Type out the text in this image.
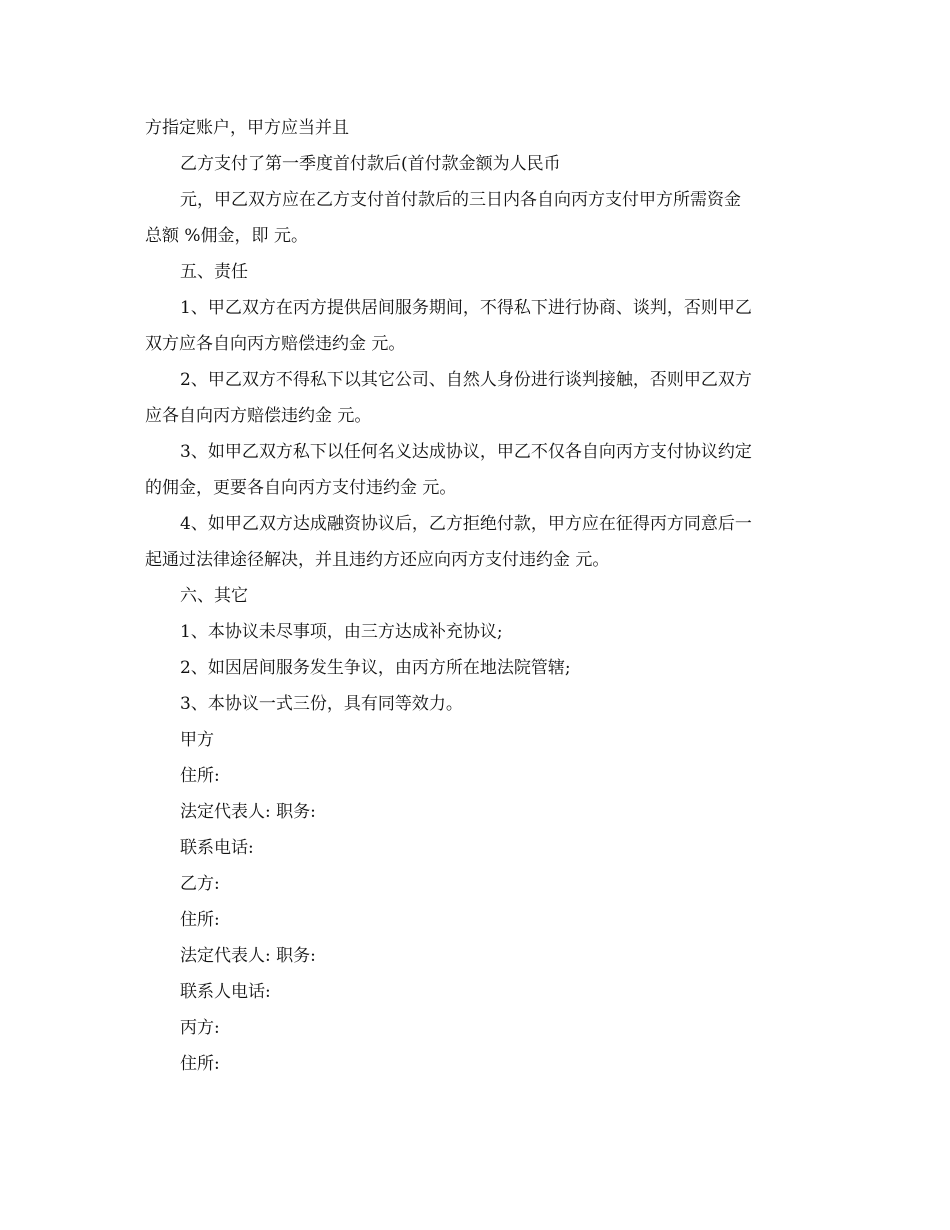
方指定账户，甲方应当并且
乙方支付了第一季度首付款后(首付款金额为人民币
元，甲乙双方应在乙方支付首付款后的三日内各自向丙方支付甲方所需资金
总额 %佣金，即 元。
五、责任
1、甲乙双方在丙方提供居间服务期间，不得私下进行协商、谈判，否则甲乙
双方应各自向丙方赔偿违约金 元。
2、甲乙双方不得私下以其它公司、自然人身份进行谈判接触，否则甲乙双方
应各自向丙方赔偿违约金 元。
3、如甲乙双方私下以任何名义达成协议，甲乙不仅各自向丙方支付协议约定
的佣金，更要各自向丙方支付违约金 元。
4、如甲乙双方达成融资协议后，乙方拒绝付款，甲方应在征得丙方同意后一
起通过法律途径解决，并且违约方还应向丙方支付违约金 元。
六、其它
1、本协议未尽事项，由三方达成补充协议;
2、如因居间服务发生争议，由丙方所在地法院管辖;
3、本协议一式三份，具有同等效力。
甲方
住所:
法定代表人: 职务:
联系电话:
乙方:
住所:
法定代表人: 职务:
联系人电话:
丙方:
住所:
